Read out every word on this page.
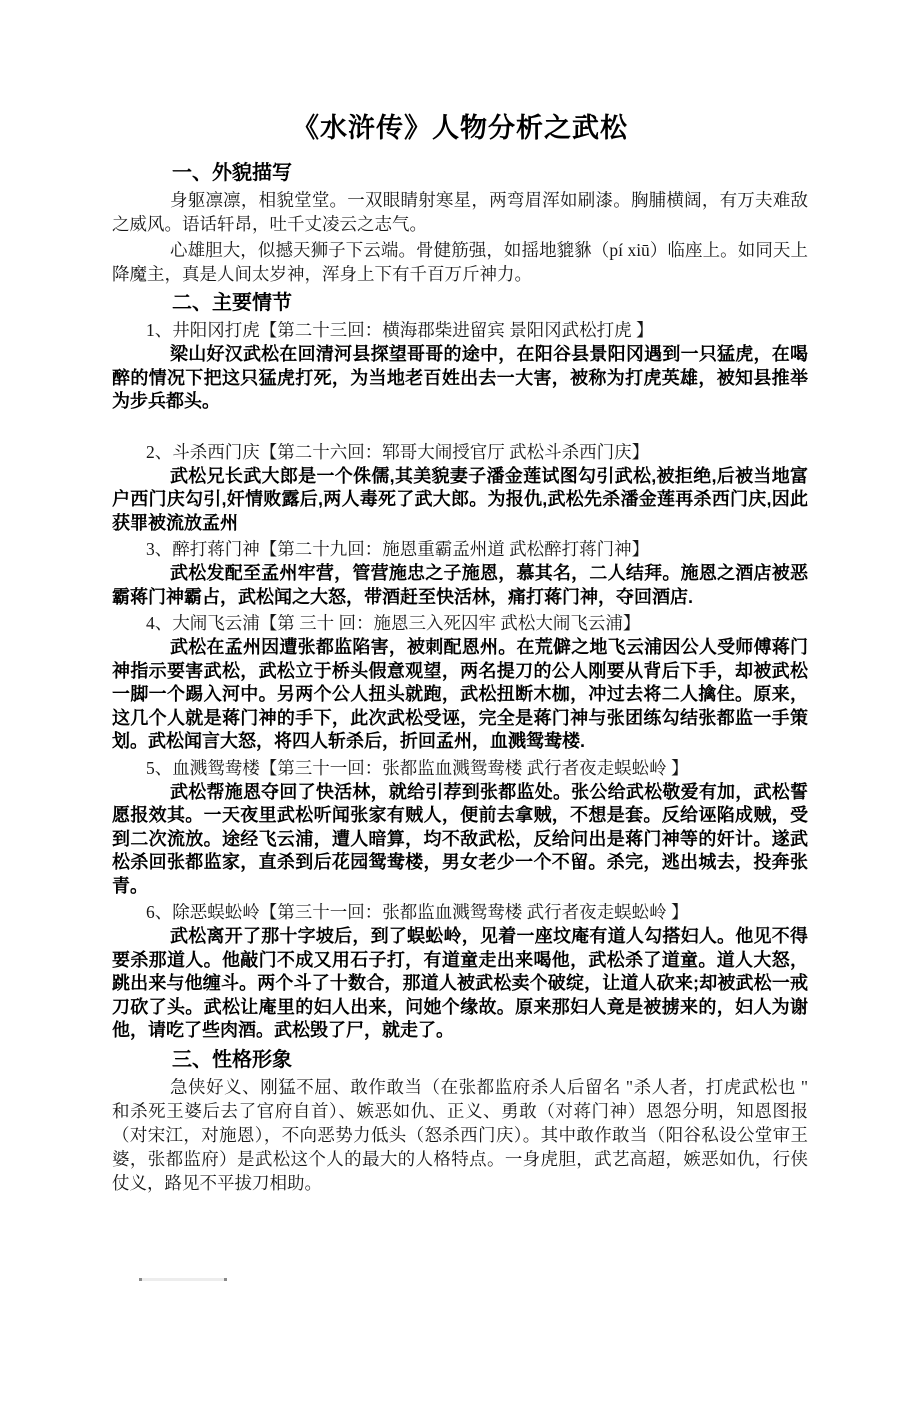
《水浒传》人物分析之武松
一、外貌描写

身躯凛凛，相貌堂堂。一双眼睛射寒星，两弯眉浑如刷漆。胸脯横阔，有万夫难敌之威风。语话轩昂，吐千丈凌云之志气。

心雄胆大，似撼天狮子下云端。骨健筋强，如摇地貔貅（pí xiū）临座上。如同天上降魔主，真是人间太岁神，浑身上下有千百万斤神力。

二、主要情节

1、井阳冈打虎【第二十三回：横海郡柴进留宾 景阳冈武松打虎 】

梁山好汉武松在回清河县探望哥哥的途中，在阳谷县景阳冈遇到一只猛虎，在喝醉的情况下把这只猛虎打死，为当地老百姓出去一大害，被称为打虎英雄，被知县推举为步兵都头。

2、斗杀西门庆【第二十六回：郓哥大闹授官厅 武松斗杀西门庆】

武松兄长武大郎是一个侏儒,其美貌妻子潘金莲试图勾引武松,被拒绝,后被当地富户西门庆勾引,奸情败露后,两人毒死了武大郎。为报仇,武松先杀潘金莲再杀西门庆,因此获罪被流放孟州

3、醉打蒋门神【第二十九回：施恩重霸孟州道 武松醉打蒋门神】

武松发配至孟州牢营，管营施忠之子施恩，慕其名，二人结拜。施恩之酒店被恶霸蒋门神霸占，武松闻之大怒，带酒赶至快活林，痛打蒋门神，夺回酒店.

4、大闹飞云浦【第 三十 回：施恩三入死囚牢 武松大闹飞云浦】

武松在孟州因遭张都监陷害，被刺配恩州。在荒僻之地飞云浦因公人受师傅蒋门神指示要害武松，武松立于桥头假意观望，两名提刀的公人刚要从背后下手，却被武松一脚一个踢入河中。另两个公人扭头就跑，武松扭断木枷，冲过去将二人擒住。原来，这几个人就是蒋门神的手下，此次武松受诬，完全是蒋门神与张团练勾结张都监一手策划。武松闻言大怒，将四人斩杀后，折回孟州，血溅鸳鸯楼.

5、血溅鸳鸯楼【第三十一回：张都监血溅鸳鸯楼 武行者夜走蜈蚣岭 】

武松帮施恩夺回了快活林，就给引荐到张都监处。张公给武松敬爱有加，武松誓愿报效其。一天夜里武松听闻张家有贼人，便前去拿贼，不想是套。反给诬陷成贼，受到二次流放。途经飞云浦，遭人暗算，均不敌武松，反给问出是蒋门神等的奸计。遂武松杀回张都监家，直杀到后花园鸳鸯楼，男女老少一个不留。杀完，逃出城去，投奔张青。

6、除恶蜈蚣岭【第三十一回：张都监血溅鸳鸯楼 武行者夜走蜈蚣岭 】

武松离开了那十字坡后，到了蜈蚣岭，见着一座坟庵有道人勾搭妇人。他见不得要杀那道人。他敲门不成又用石子打，有道童走出来喝他，武松杀了道童。道人大怒，跳出来与他缠斗。两个斗了十数合，那道人被武松卖个破绽，让道人砍来;却被武松一戒刀砍了头。武松让庵里的妇人出来，问她个缘故。原来那妇人竟是被掳来的，妇人为谢他，请吃了些肉酒。武松毁了尸，就走了。

三、性格形象

急侠好义、刚猛不屈、敢作敢当（在张都监府杀人后留名 "杀人者，打虎武松也 " 和杀死王婆后去了官府自首）、嫉恶如仇、正义、勇敢（对蒋门神）恩怨分明，知恩图报（对宋江，对施恩），不向恶势力低头（怒杀西门庆）。其中敢作敢当（阳谷私设公堂审王婆，张都监府）是武松这个人的最大的人格特点。一身虎胆，武艺高超，嫉恶如仇，行侠仗义，路见不平拔刀相助。
